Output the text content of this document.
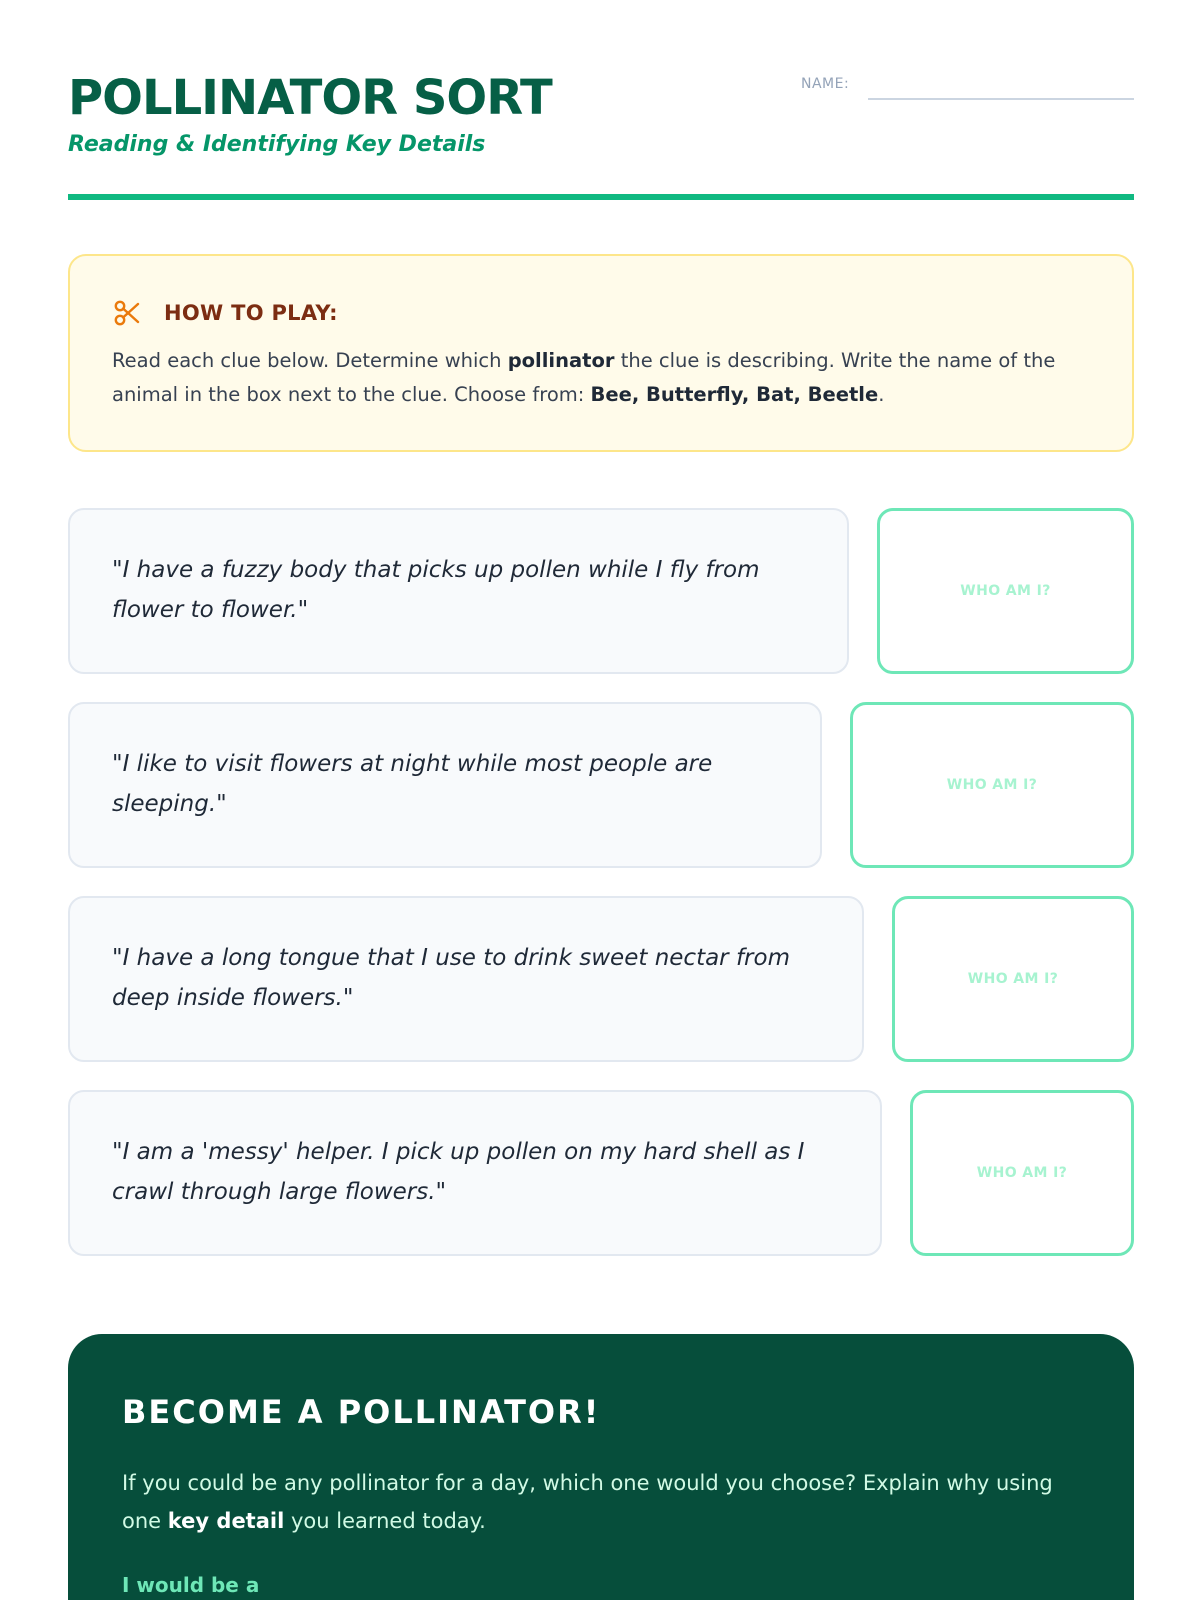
POLLINATOR SORT
Reading & Identifying Key Details
NAME:
HOW TO PLAY:
Read each clue below. Determine which pollinator the clue is describing. Write the name of the animal in the box next to the clue. Choose from: Bee, Butterfly, Bat, Beetle.
"I have a fuzzy body that picks up pollen while I fly from flower to flower."
WHO AM I?
"I like to visit flowers at night while most people are sleeping."
WHO AM I?
"I have a long tongue that I use to drink sweet nectar from deep inside flowers."
WHO AM I?
"I am a 'messy' helper. I pick up pollen on my hard shell as I crawl through large flowers."
WHO AM I?
BECOME A POLLINATOR!
If you could be any pollinator for a day, which one would you choose? Explain why using one key detail you learned today.
I would be a
